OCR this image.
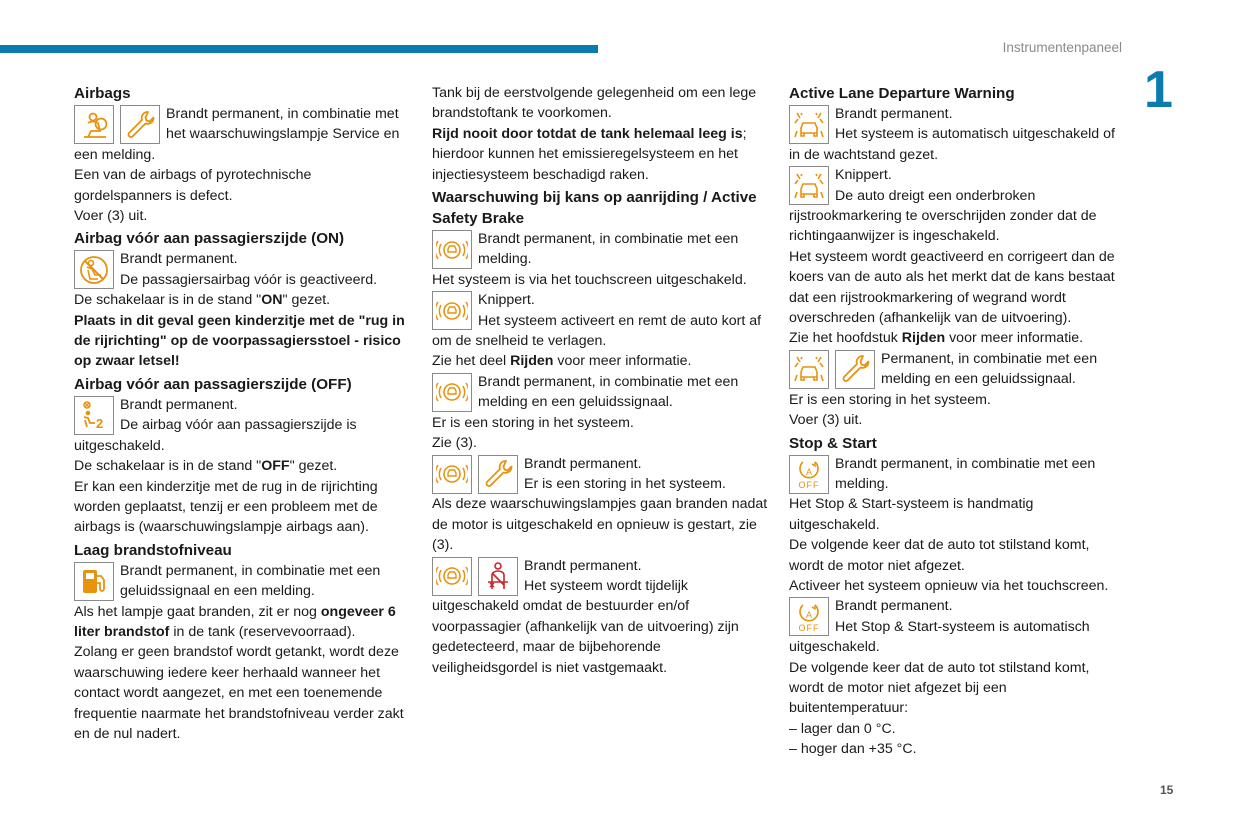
Instrumentenpaneel
1
Airbags

Brandt permanent, in combinatie met

het waarschuwingslampje Service en

een melding.

Een van de airbags of pyrotechnische gordelspanners is defect.

Voer (3) uit.

Airbag vóór aan passagierszijde (ON)

Brandt permanent.

De passagiersairbag vóór is geactiveerd.

De schakelaar is in de stand "ON" gezet.

Plaats in dit geval geen kinderzitje met de "rug in de rijrichting" op de voorpassagiersstoel - risico op zwaar letsel!

Airbag vóór aan passagierszijde (OFF)

Brandt permanent.

De airbag vóór aan passagierszijde is

uitgeschakeld.

De schakelaar is in de stand "OFF" gezet.

Er kan een kinderzitje met de rug in de rijrichting worden geplaatst, tenzij er een probleem met de airbags is (waarschuwingslampje airbags aan).

Laag brandstofniveau

Brandt permanent, in combinatie met een

geluidssignaal en een melding.

Als het lampje gaat branden, zit er nog ongeveer 6 liter brandstof in de tank (reservevoorraad).

Zolang er geen brandstof wordt getankt, wordt deze waarschuwing iedere keer herhaald wanneer het contact wordt aangezet, en met een toenemende frequentie naarmate het brandstofniveau verder zakt en de nul nadert.

Tank bij de eerstvolgende gelegenheid om een lege brandstoftank te voorkomen.

Rijd nooit door totdat de tank helemaal leeg is; hierdoor kunnen het emissieregelsysteem en het injectiesysteem beschadigd raken.

Waarschuwing bij kans op aanrijding / Active Safety Brake

Brandt permanent, in combinatie met een

melding.

Het systeem is via het touchscreen uitgeschakeld.

Knippert.

Het systeem activeert en remt de auto kort af

om de snelheid te verlagen.

Zie het deel Rijden voor meer informatie.

Brandt permanent, in combinatie met een

melding en een geluidssignaal.

Er is een storing in het systeem.

Zie (3).

Brandt permanent.

Er is een storing in het systeem.

Als deze waarschuwingslampjes gaan branden nadat de motor is uitgeschakeld en opnieuw is gestart, zie (3).

Brandt permanent.

Het systeem wordt tijdelijk

uitgeschakeld omdat de bestuurder en/of voorpassagier (afhankelijk van de uitvoering) zijn gedetecteerd, maar de bijbehorende veiligheidsgordel is niet vastgemaakt.

Active Lane Departure Warning

Brandt permanent.

Het systeem is automatisch uitgeschakeld of

in de wachtstand gezet.

Knippert.

De auto dreigt een onderbroken

rijstrookmarkering te overschrijden zonder dat de richtingaanwijzer is ingeschakeld.

Het systeem wordt geactiveerd en corrigeert dan de koers van de auto als het merkt dat de kans bestaat dat een rijstrookmarkering of wegrand wordt overschreden (afhankelijk van de uitvoering).

Zie het hoofdstuk Rijden voor meer informatie.

Permanent, in combinatie met een

melding en een geluidssignaal.

Er is een storing in het systeem.

Voer (3) uit.

Stop & Start

Brandt permanent, in combinatie met een

melding.

Het Stop & Start-systeem is handmatig uitgeschakeld.

De volgende keer dat de auto tot stilstand komt, wordt de motor niet afgezet.

Activeer het systeem opnieuw via het touchscreen.

Brandt permanent.

Het Stop & Start-systeem is automatisch

uitgeschakeld.

De volgende keer dat de auto tot stilstand komt, wordt de motor niet afgezet bij een buitentemperatuur:

– lager dan 0 °C.

– hoger dan +35 °C.

15
